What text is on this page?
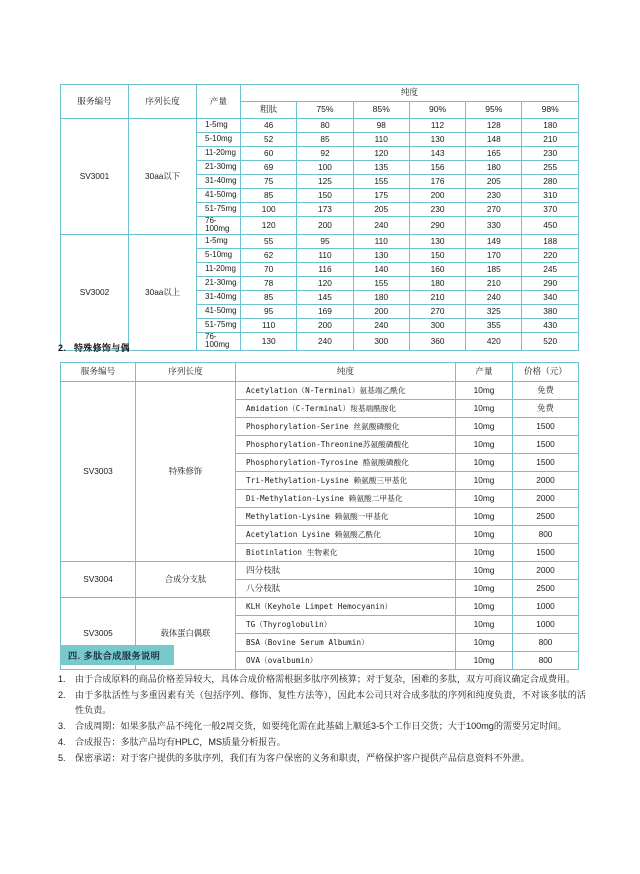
服务编号	序列长度	产量	纯度					
			粗肽	75%	85%	90%	95%	98%
SV3001	30aa以下	1-5mg	46	80	98	112	128	180
		5-10mg	52	85	110	130	148	210
		11-20mg	60	92	120	143	165	230
		21-30mg	69	100	135	156	180	255
		31-40mg	75	125	155	176	205	280
		41-50mg	85	150	175	200	230	310
		51-75mg	100	173	205	230	270	370
		76-100mg	120	200	240	290	330	450
SV3002	30aa以上	1-5mg	55	95	110	130	149	188
		5-10mg	62	110	130	150	170	220
		11-20mg	70	116	140	160	185	245
		21-30mg	78	120	155	180	210	290
		31-40mg	85	145	180	210	240	340
		41-50mg	95	169	200	270	325	380
		51-75mg	110	200	240	300	355	430
		76-100mg	130	240	300	360	420	520
2. 特殊修饰与偶
服务编号	序列长度	纯度	产量	价格（元）
SV3003	特殊修饰	Acetylation（N-Terminal）氨基端乙酰化	10mg	免费
		Amidation（C-Terminal）羧基端酰胺化	10mg	免费
		Phosphorylation-Serine 丝氨酸磷酸化	10mg	1500
		Phosphorylation-Threonine苏氨酸磷酸化	10mg	1500
		Phosphorylation-Tyrosine 酪氨酸磷酸化	10mg	1500
		Tri-Methylation-Lysine 赖氨酸三甲基化	10mg	2000
		Di-Methylation-Lysine 赖氨酸二甲基化	10mg	2000
		Methylation-Lysine 赖氨酸一甲基化	10mg	2500
		Acetylation Lysine 赖氨酸乙酰化	10mg	800
		Biotinlation 生物素化	10mg	1500
SV3004	合成分支肽	四分枝肽	10mg	2000
		八分枝肽	10mg	2500
SV3005	载体蛋白偶联	KLH（Keyhole Limpet Hemocyanin）	10mg	1000
		TG（Thyroglobulin）	10mg	1000
		BSA（Bovine Serum Albumin）	10mg	800
		OVA（ovalbumin）	10mg	800
四. 多肽合成服务说明
1.	由于合成原料的商品价格差异较大，具体合成价格需根据多肽序列核算；对于复杂，困难的多肽，双方可商议确定合成费用。
2.	由于多肽活性与多重因素有关（包括序列、修饰、复性方法等），因此本公司只对合成多肽的序列和纯度负责，不对该多肽的活性负责。
3.	合成周期：如果多肽产品不纯化一般2周交货，如要纯化需在此基础上顺延3-5个工作日交货；大于100mg的需要另定时间。
4.	合成报告：多肽产品均有HPLC，MS质量分析报告。
5.	保密承诺：对于客户提供的多肽序列，我们有为客户保密的义务和职责，严格保护客户提供产品信息资料不外泄。
